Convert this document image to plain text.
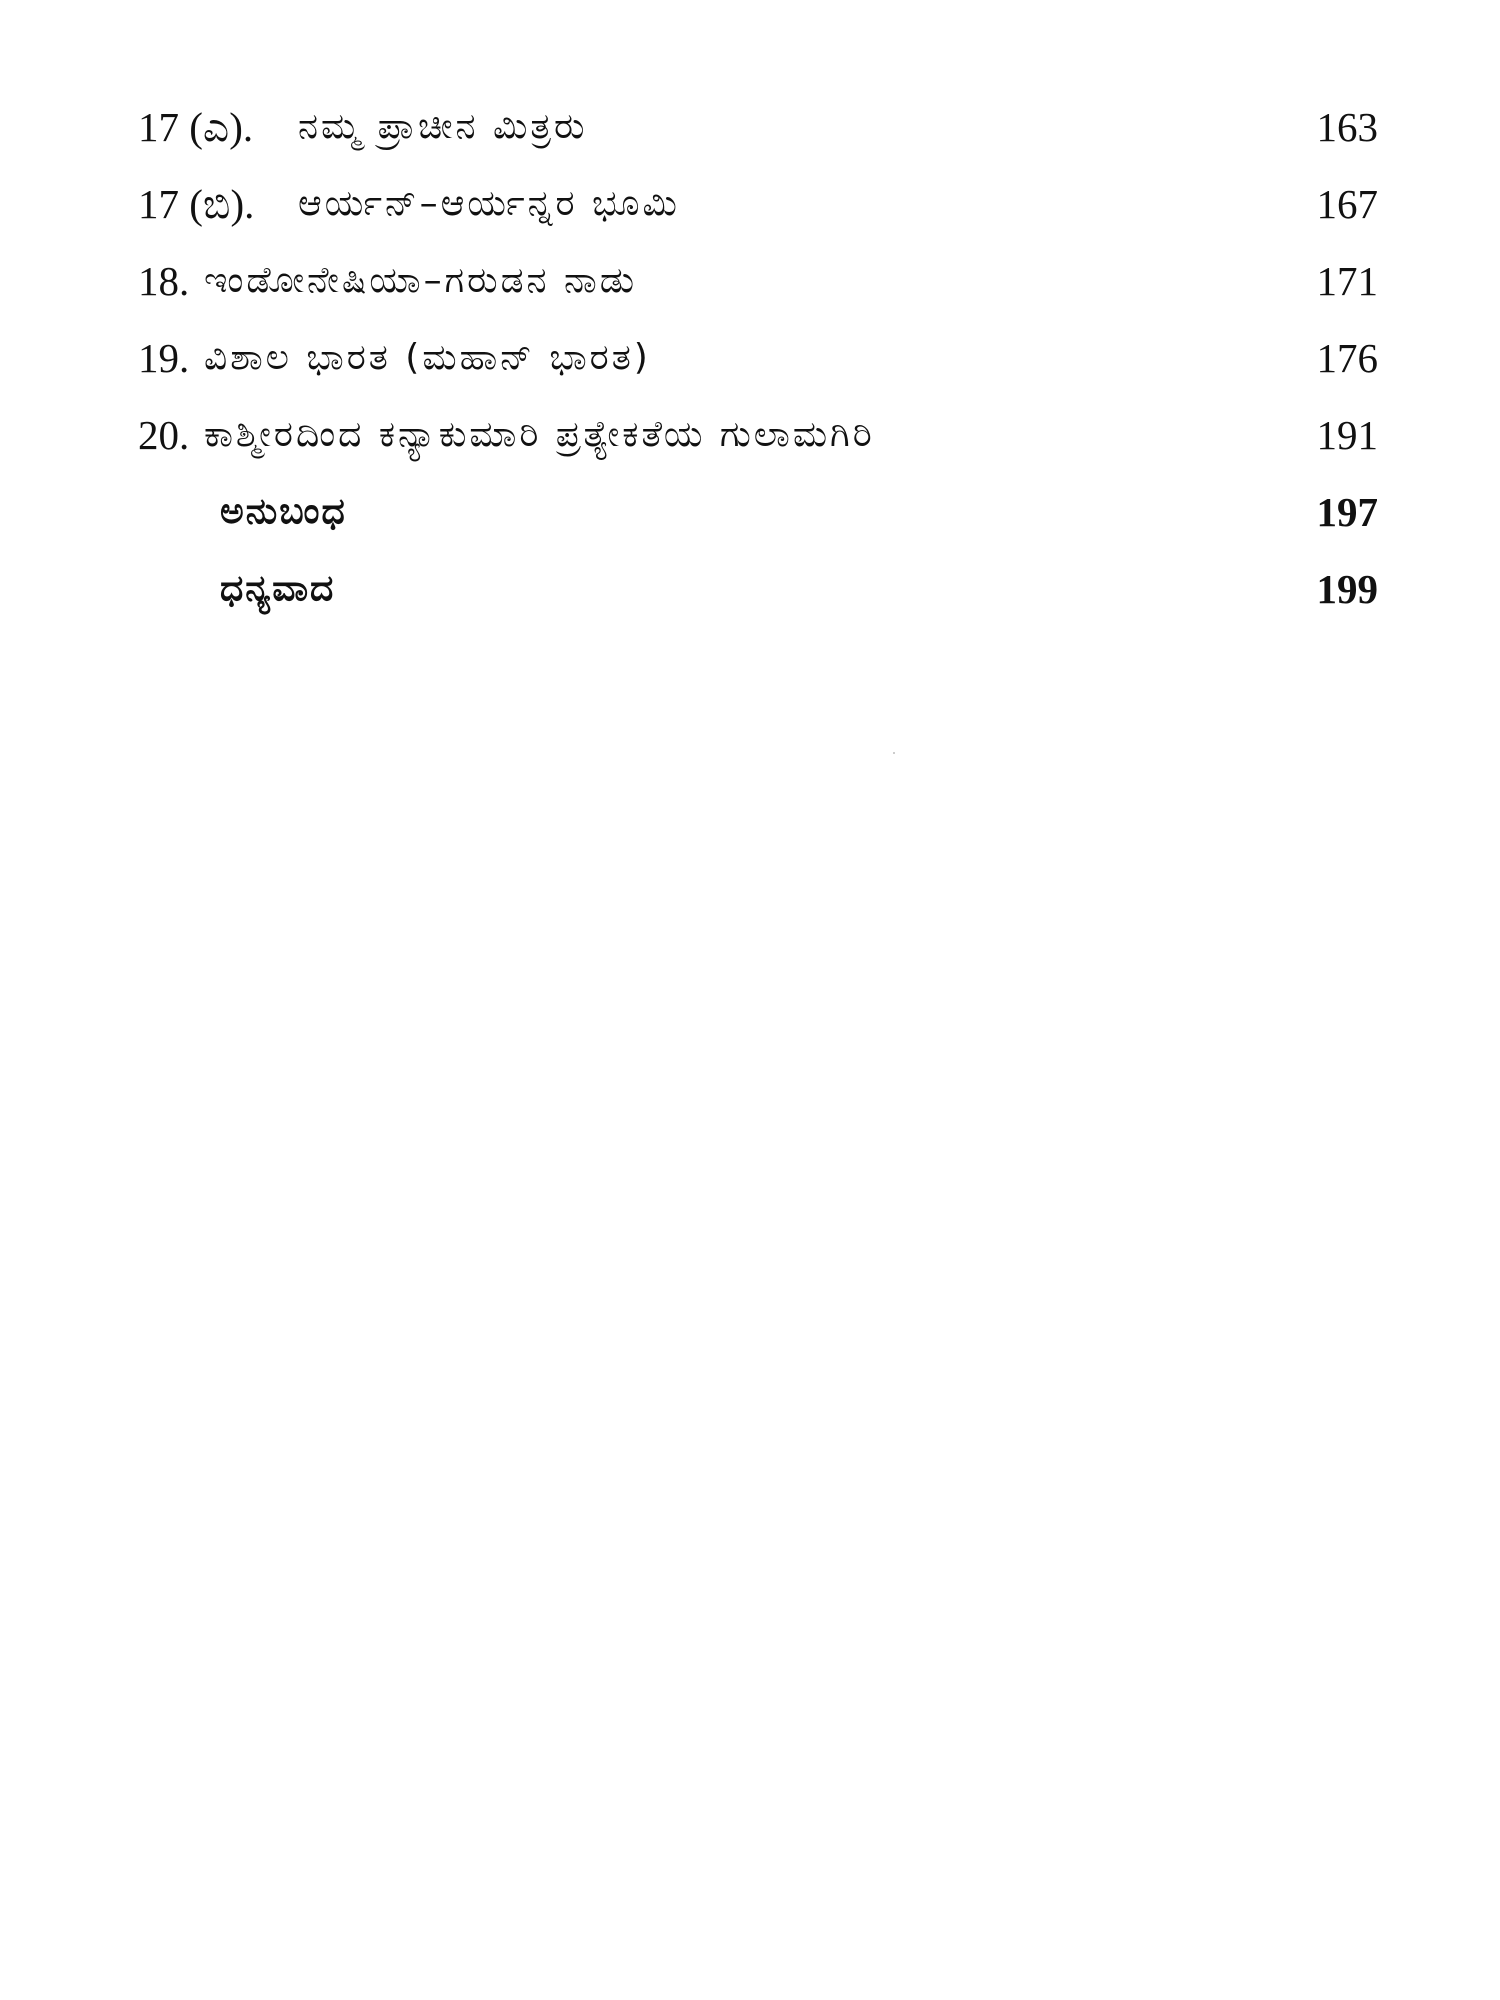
17 (ಎ). ನಮ್ಮ ಪ್ರಾಚೀನ ಮಿತ್ರರು	163
17 (ಬಿ). ಆರ್ಯನ್–ಆರ್ಯನ್ನರ ಭೂಮಿ	167
18. ಇಂಡೋನೇಷಿಯಾ–ಗರುಡನ ನಾಡು	171
19. ವಿಶಾಲ ಭಾರತ (ಮಹಾನ್ ಭಾರತ)	176
20. ಕಾಶ್ಮೀರದಿಂದ ಕನ್ಯಾಕುಮಾರಿ ಪ್ರತ್ಯೇಕತೆಯ ಗುಲಾಮಗಿರಿ	191
ಅನುಬಂಧ	197
ಧನ್ಯವಾದ	199
